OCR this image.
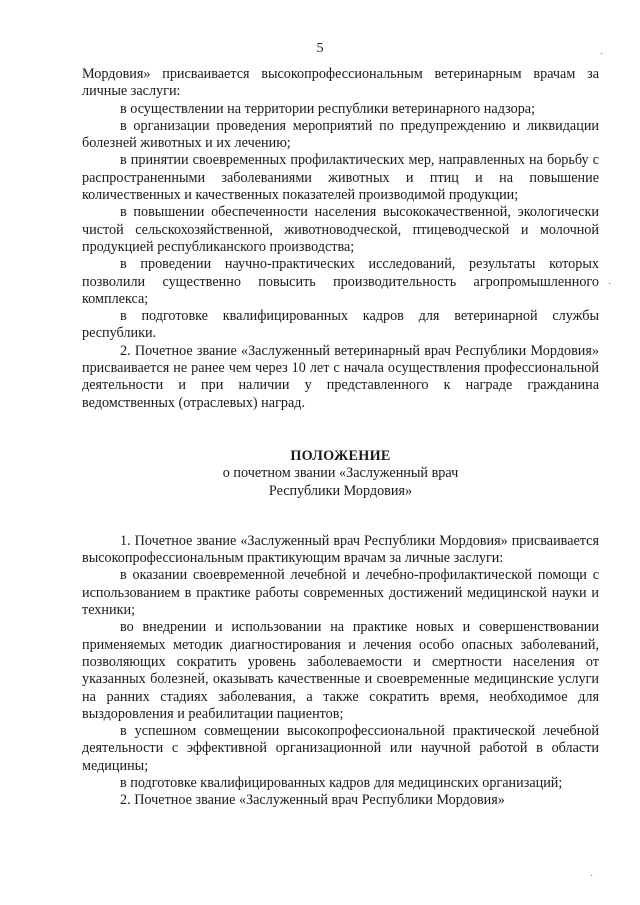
5

Мордовия» присваивается высокопрофессиональным ветеринарным врачам за личные заслуги:

в осуществлении на территории республики ветеринарного надзора;

в организации проведения мероприятий по предупреждению и ликвидации болезней животных и их лечению;

в принятии своевременных профилактических мер, направленных на борьбу с распространенными заболеваниями животных и птиц и на повышение количественных и качественных показателей производимой продукции;

в повышении обеспеченности населения высококачественной, экологически чистой сельскохозяйственной, животноводческой, птицеводческой и молочной продукцией республиканского производства;

в проведении научно-практических исследований, результаты которых позволили существенно повысить производительность агропромышленного комплекса;

в подготовке квалифицированных кадров для ветеринарной службы республики.

2. Почетное звание «Заслуженный ветеринарный врач Республики Мордовия» присваивается не ранее чем через 10 лет с начала осуществления профессиональной деятельности и при наличии у представленного к награде гражданина ведомственных (отраслевых) наград.

ПОЛОЖЕНИЕ

о почетном звании «Заслуженный врач

Республики Мордовия»

1. Почетное звание «Заслуженный врач Республики Мордовия» присваивается высокопрофессиональным практикующим врачам за личные заслуги:

в оказании своевременной лечебной и лечебно-профилактической помощи с использованием в практике работы современных достижений медицинской науки и техники;

во внедрении и использовании на практике новых и совершенствовании применяемых методик диагностирования и лечения особо опасных заболеваний, позволяющих сократить уровень заболеваемости и смертности населения от указанных болезней, оказывать качественные и своевременные медицинские услуги на ранних стадиях заболевания, а также сократить время, необходимое для выздоровления и реабилитации пациентов;

в успешном совмещении высокопрофессиональной практической лечебной деятельности с эффективной организационной или научной работой в области медицины;

в подготовке квалифицированных кадров для медицинских организаций;

2. Почетное звание «Заслуженный врач Республики Мордовия»

·
·
·
